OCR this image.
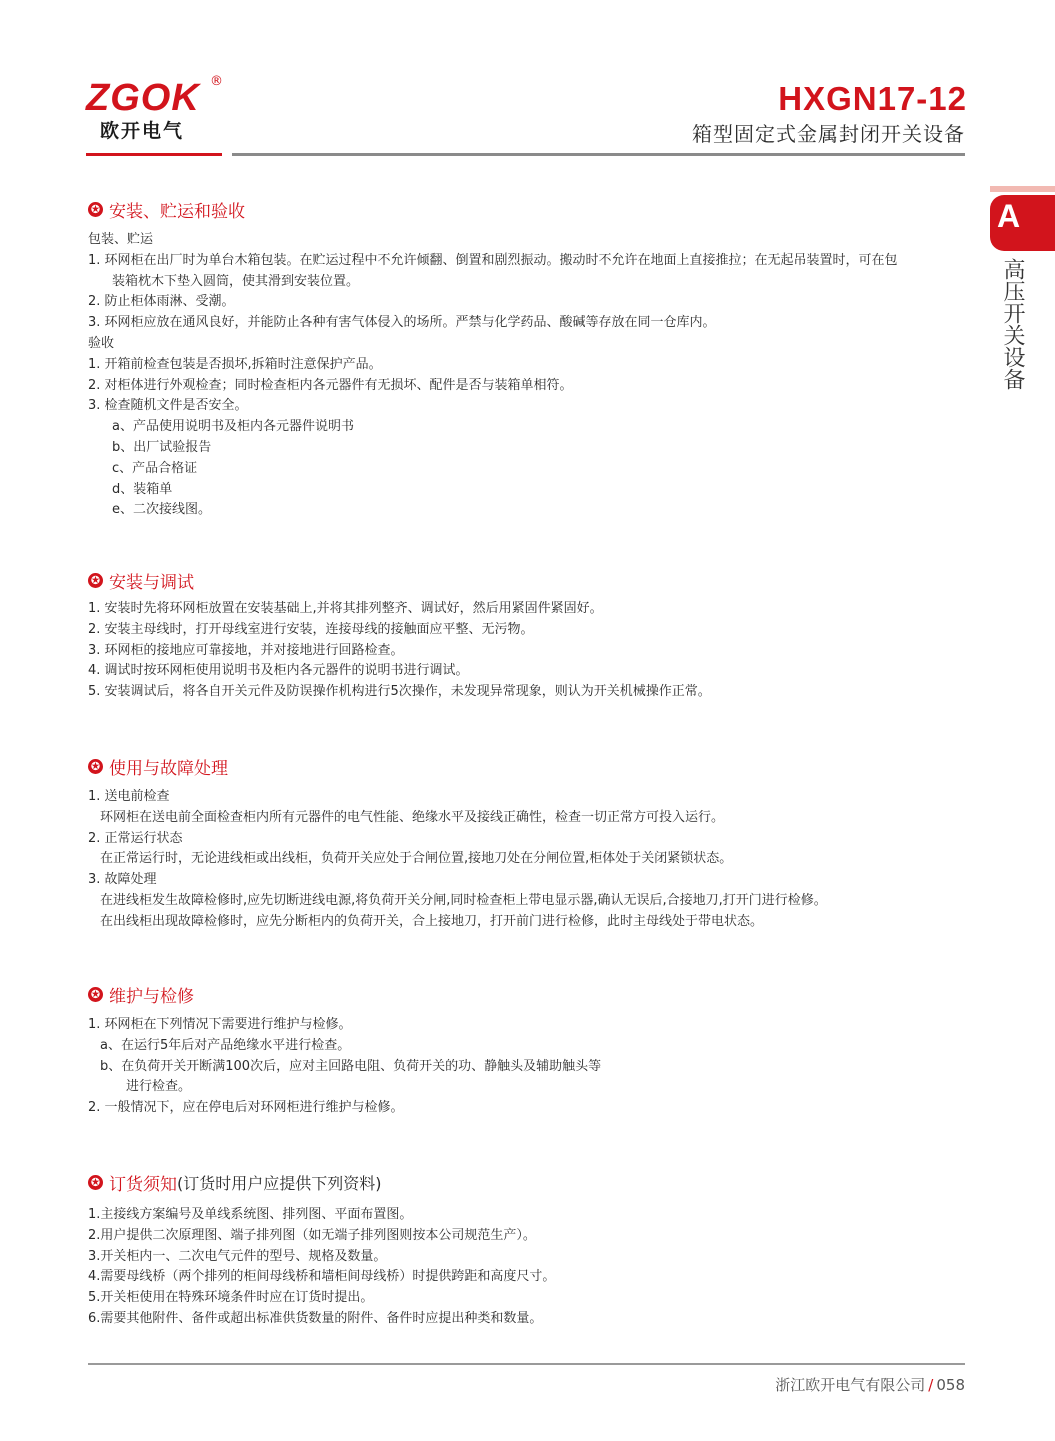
ZGOK ®
欧开电气
HXGN17-12
箱型固定式金属封闭开关设备
A
高压开关设备
✪ 安装、贮运和验收
包装、贮运
1. 环网柜在出厂时为单台木箱包装。在贮运过程中不允许倾翻、倒置和剧烈振动。搬动时不允许在地面上直接推拉；在无起吊装置时，可在包
装箱枕木下垫入圆筒，使其滑到安装位置。
2. 防止柜体雨淋、受潮。
3. 环网柜应放在通风良好，并能防止各种有害气体侵入的场所。严禁与化学药品、酸碱等存放在同一仓库内。
验收
1. 开箱前检查包装是否损坏,拆箱时注意保护产品。
2. 对柜体进行外观检查；同时检查柜内各元器件有无损坏、配件是否与装箱单相符。
3. 检查随机文件是否安全。
a、产品使用说明书及柜内各元器件说明书
b、出厂试验报告
c、产品合格证
d、装箱单
e、二次接线图。
✪ 安装与调试
1. 安装时先将环网柜放置在安装基础上,并将其排列整齐、调试好，然后用紧固件紧固好。
2. 安装主母线时，打开母线室进行安装，连接母线的接触面应平整、无污物。
3. 环网柜的接地应可靠接地，并对接地进行回路检查。
4. 调试时按环网柜使用说明书及柜内各元器件的说明书进行调试。
5. 安装调试后，将各自开关元件及防误操作机构进行5次操作，未发现异常现象，则认为开关机械操作正常。
✪ 使用与故障处理
1. 送电前检查
环网柜在送电前全面检查柜内所有元器件的电气性能、绝缘水平及接线正确性，检查一切正常方可投入运行。
2. 正常运行状态
在正常运行时，无论进线柜或出线柜，负荷开关应处于合闸位置,接地刀处在分闸位置,柜体处于关闭紧锁状态。
3. 故障处理
在进线柜发生故障检修时,应先切断进线电源,将负荷开关分闸,同时检查柜上带电显示器,确认无误后,合接地刀,打开门进行检修。
在出线柜出现故障检修时，应先分断柜内的负荷开关，合上接地刀，打开前门进行检修，此时主母线处于带电状态。
✪ 维护与检修
1. 环网柜在下列情况下需要进行维护与检修。
a、在运行5年后对产品绝缘水平进行检查。
b、在负荷开关开断满100次后，应对主回路电阻、负荷开关的功、静触头及辅助触头等
进行检查。
2. 一般情况下，应在停电后对环网柜进行维护与检修。
✪ 订货须知 (订货时用户应提供下列资料)
1.主接线方案编号及单线系统图、排列图、平面布置图。
2.用户提供二次原理图、端子排列图（如无端子排列图则按本公司规范生产）。
3.开关柜内一、二次电气元件的型号、规格及数量。
4.需要母线桥（两个排列的柜间母线桥和墙柜间母线桥）时提供跨距和高度尺寸。
5.开关柜使用在特殊环境条件时应在订货时提出。
6.需要其他附件、备件或超出标准供货数量的附件、备件时应提出种类和数量。
浙江欧开电气有限公司 / 058
